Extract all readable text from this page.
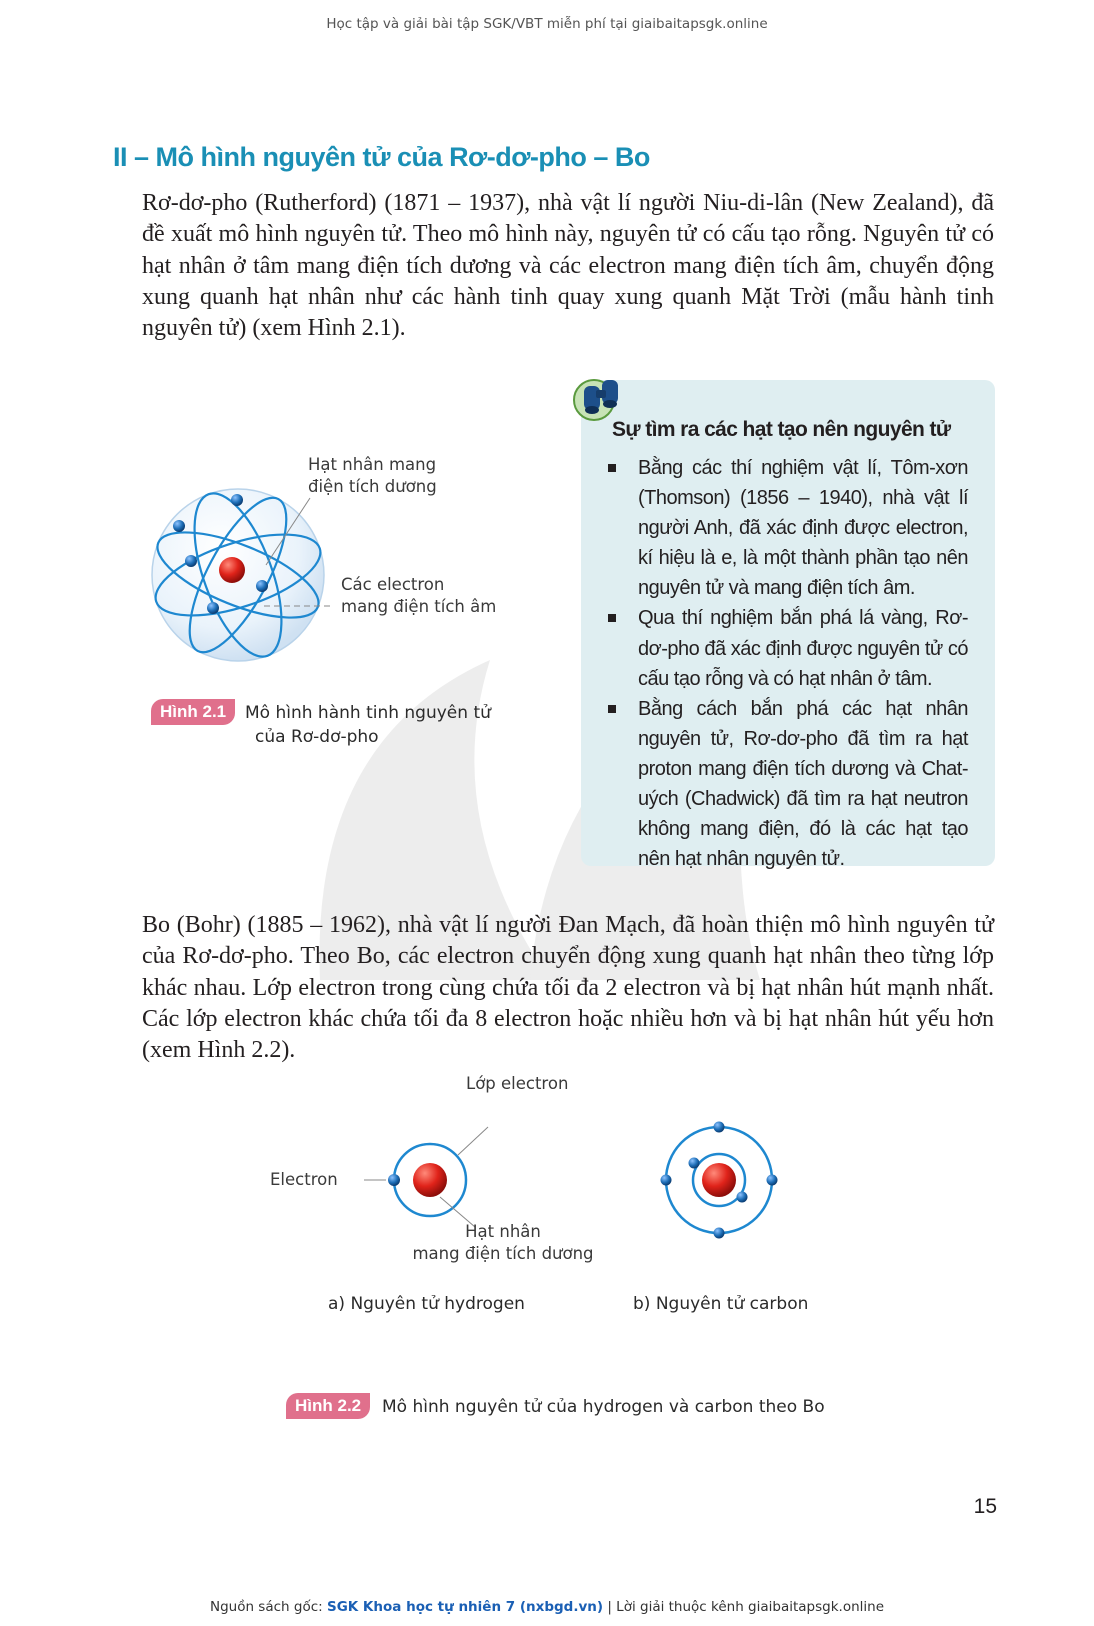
Học tập và giải bài tập SGK/VBT miễn phí tại giaibaitapsgk.online
II – Mô hình nguyên tử của Rơ-dơ-pho – Bo

Rơ-dơ-pho (Rutherford) (1871 – 1937), nhà vật lí người Niu-di-lân (New Zealand), đã đề xuất mô hình nguyên tử. Theo mô hình này, nguyên tử có cấu tạo rỗng. Nguyên tử có hạt nhân ở tâm mang điện tích dương và các electron mang điện tích âm, chuyển động xung quanh hạt nhân như các hành tinh quay xung quanh Mặt Trời (mẫu hành tinh nguyên tử) (xem Hình 2.1).

Hạt nhân mang
điện tích dương
Các electron
mang điện tích âm
Hình 2.1	Mô hình hành tinh nguyên tử
của Rơ-dơ-pho
Sự tìm ra các hạt tạo nên nguyên tử
Bằng các thí nghiệm vật lí, Tôm-xơn (Thomson) (1856 – 1940), nhà vật lí người Anh, đã xác định được electron, kí hiệu là e, là một thành phần tạo nên nguyên tử và mang điện tích âm.
Qua thí nghiệm bắn phá lá vàng, Rơ-dơ-pho đã xác định được nguyên tử có cấu tạo rỗng và có hạt nhân ở tâm.
Bằng cách bắn phá các hạt nhân nguyên tử, Rơ-dơ-pho đã tìm ra hạt proton mang điện tích dương và Chat-uých (Chadwick) đã tìm ra hạt neutron không mang điện, đó là các hạt tạo nên hạt nhân nguyên tử.

Bo (Bohr) (1885 – 1962), nhà vật lí người Đan Mạch, đã hoàn thiện mô hình nguyên tử của Rơ-dơ-pho. Theo Bo, các electron chuyển động xung quanh hạt nhân theo từng lớp khác nhau. Lớp electron trong cùng chứa tối đa 2 electron và bị hạt nhân hút mạnh nhất. Các lớp electron khác chứa tối đa 8 electron hoặc nhiều hơn và bị hạt nhân hút yếu hơn (xem Hình 2.2).

Lớp electron
Electron
Hạt nhân
mang điện tích dương
a) Nguyên tử hydrogen	b) Nguyên tử carbon
Hình 2.2	Mô hình nguyên tử của hydrogen và carbon theo Bo
15
Nguồn sách gốc: SGK Khoa học tự nhiên 7 (nxbgd.vn) | Lời giải thuộc kênh giaibaitapsgk.online
